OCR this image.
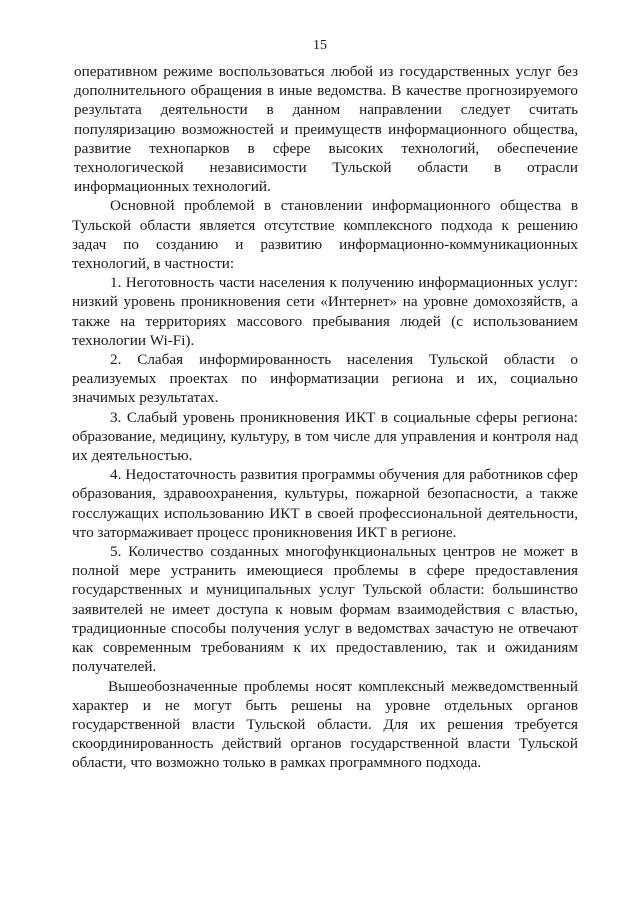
15

оперативном режиме воспользоваться любой из государственных услуг без дополнительного обращения в иные ведомства. В качестве прогнозируемого результата деятельности в данном направлении следует считать популяризацию возможностей и преимуществ информационного общества, развитие технопарков в сфере высоких технологий, обеспечение технологической независимости Тульской области в отрасли информационных технологий.

Основной проблемой в становлении информационного общества в Тульской области является отсутствие комплексного подхода к решению задач по созданию и развитию информационно-коммуникационных технологий, в частности:

1. Неготовность части населения к получению информационных услуг: низкий уровень проникновения сети «Интернет» на уровне домохозяйств, а также на территориях массового пребывания людей (с использованием технологии Wi-Fi).

2. Слабая информированность населения Тульской области о реализуемых проектах по информатизации региона и их, социально значимых результатах.

3. Слабый уровень проникновения ИКТ в социальные сферы региона: образование, медицину, культуру, в том числе для управления и контроля над их деятельностью.

4. Недостаточность развития программы обучения для работников сфер образования, здравоохранения, культуры, пожарной безопасности, а также госслужащих использованию ИКТ в своей профессиональной деятельности, что затормаживает процесс проникновения ИКТ в регионе.

5. Количество созданных многофункциональных центров не может в полной мере устранить имеющиеся проблемы в сфере предоставления государственных и муниципальных услуг Тульской области: большинство заявителей не имеет доступа к новым формам взаимодействия с властью, традиционные способы получения услуг в ведомствах зачастую не отвечают как современным требованиям к их предоставлению, так и ожиданиям получателей.

Вышеобозначенные проблемы носят комплексный межведомственный характер и не могут быть решены на уровне отдельных органов государственной власти Тульской области. Для их решения требуется скоординированность действий органов государственной власти Тульской области, что возможно только в рамках программного подхода.
